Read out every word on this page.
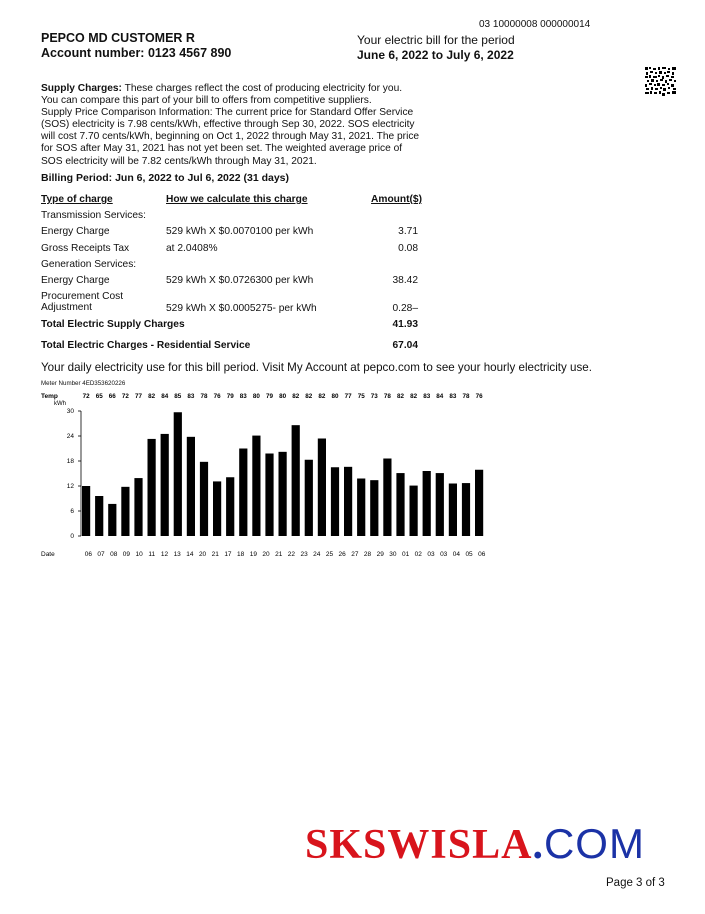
03 10000008 000000014
PEPCO MD CUSTOMER R
Account number: 0123 4567 890
Your electric bill for the period
June 6, 2022 to July 6, 2022

Supply Charges: These charges reflect the cost of producing electricity for you.

You can compare this part of your bill to offers from competitive suppliers.

Supply Price Comparison Information: The current price for Standard Offer Service (SOS) electricity is 7.98 cents/kWh, effective through Sep 30, 2022. SOS electricity will cost 7.70 cents/kWh, beginning on Oct 1, 2022 through May 31, 2021. The price for SOS after May 31, 2021 has not yet been set. The weighted average price of SOS electricity will be 7.82 cents/kWh through May 31, 2021.

Billing Period: Jun 6, 2022 to Jul 6, 2022 (31 days)
Type of charge	How we calculate this charge	Amount($)
Transmission Services:		
Energy Charge	529 kWh X $0.0070100 per kWh	3.71
Gross Receipts Tax	at 2.0408%	0.08
Generation Services:		
Energy Charge	529 kWh X $0.0726300 per kWh	38.42
Procurement Cost Adjustment	529 kWh X $0.0005275- per kWh	0.28–
Total Electric Supply Charges		41.93
Total Electric Charges - Residential Service		67.04
Your daily electricity use for this bill period. Visit My Account at pepco.com to see your hourly electricity use.
Meter Number 4ED353620226
0
6
12
18
24
30
Temp
kWh
Date
72 65 66 72 77 82 84 85 83 78 76 79 83 80 79 80 82 82 82 80 77 75 73 78 82 82 83 84 83 78 76
06 07 08 09 10 11 12 13 14 20 21 17 18 19 20 21 22 23 24 25 26 27 28 29 30 01 02 03 03 04 05 06
SKSWISLA.COM
Page 3 of 3
